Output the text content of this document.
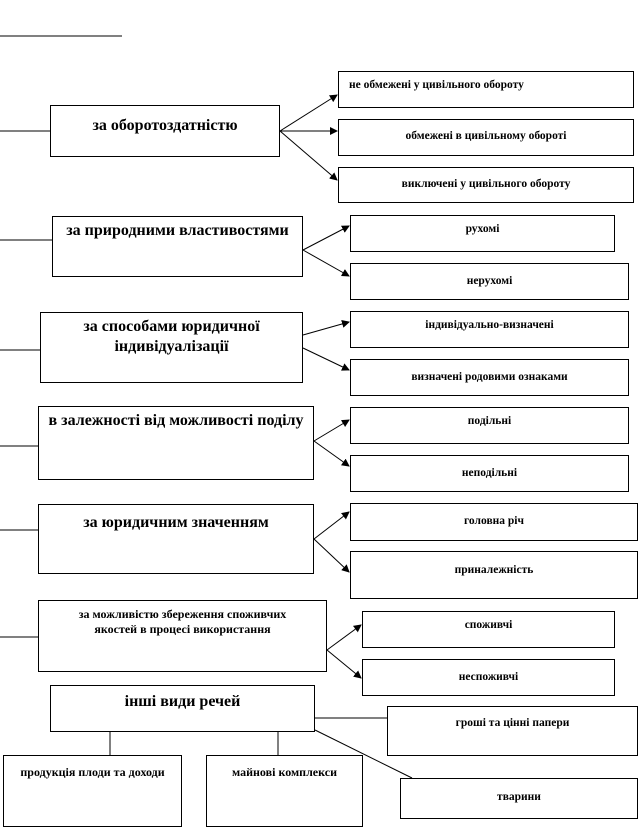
за оборотоздатністю
за природними властивостями
за способами юридичної індивідуалізації
в залежності від можливості поділу
за юридичним значенням
за можливістю збереження споживчих якостей в процесі використання
не обмежені у цивільного обороту
обмежені в цивільному обороті
виключені у цивільного обороту
рухомі
нерухомі
індивідуально-визначені
визначені родовими ознаками
подільні
неподільні
головна річ
приналежність
споживчі
неспоживчі
інші види речей
гроші та цінні папери
тварини
продукція плоди та доходи	майнові комплекси
